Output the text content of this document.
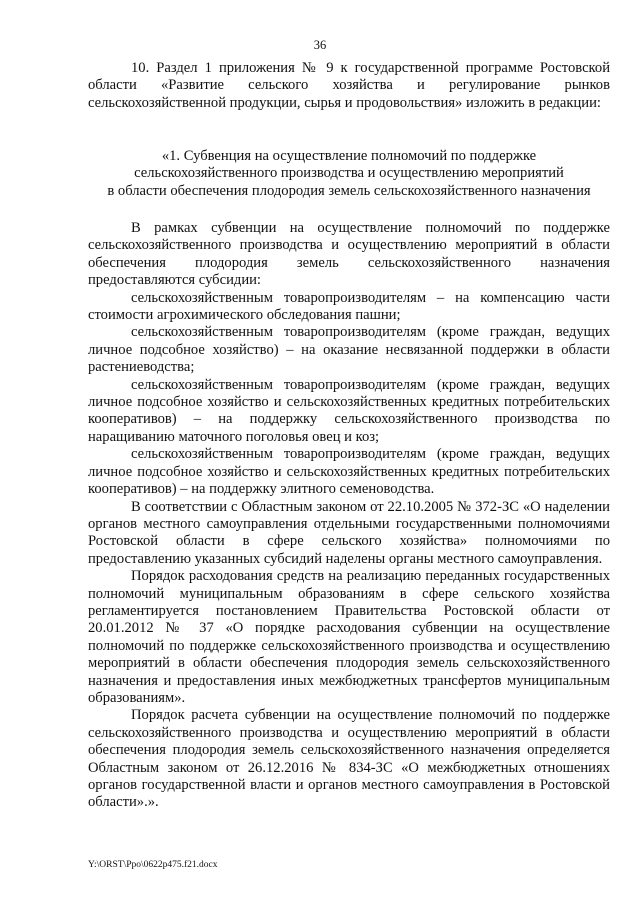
36

10. Раздел 1 приложения № 9 к государственной программе Ростовской области «Развитие сельского хозяйства и регулирование рынков сельскохозяйственной продукции, сырья и продовольствия» изложить в редакции:

«1. Субвенция на осуществление полномочий по поддержке

сельскохозяйственного производства и осуществлению мероприятий

в области обеспечения плодородия земель сельскохозяйственного назначения

В рамках субвенции на осуществление полномочий по поддержке сельскохозяйственного производства и осуществлению мероприятий в области обеспечения плодородия земель сельскохозяйственного назначения предоставляются субсидии:

сельскохозяйственным товаропроизводителям – на компенсацию части стоимости агрохимического обследования пашни;

сельскохозяйственным товаропроизводителям (кроме граждан, ведущих личное подсобное хозяйство) – на оказание несвязанной поддержки в области растениеводства;

сельскохозяйственным товаропроизводителям (кроме граждан, ведущих личное подсобное хозяйство и сельскохозяйственных кредитных потребительских кооперативов) – на поддержку сельскохозяйственного производства по наращиванию маточного поголовья овец и коз;

сельскохозяйственным товаропроизводителям (кроме граждан, ведущих личное подсобное хозяйство и сельскохозяйственных кредитных потребительских кооперативов) – на поддержку элитного семеноводства.

В соответствии с Областным законом от 22.10.2005 № 372-ЗС «О наделении органов местного самоуправления отдельными государственными полномочиями Ростовской области в сфере сельского хозяйства» полномочиями по предоставлению указанных субсидий наделены органы местного самоуправления.

Порядок расходования средств на реализацию переданных государственных полномочий муниципальным образованиям в сфере сельского хозяйства регламентируется постановлением Правительства Ростовской области от 20.01.2012 № 37 «О порядке расходования субвенции на осуществление полномочий по поддержке сельскохозяйственного производства и осуществлению мероприятий в области обеспечения плодородия земель сельскохозяйственного назначения и предоставления иных межбюджетных трансфертов муниципальным образованиям».

Порядок расчета субвенции на осуществление полномочий по поддержке сельскохозяйственного производства и осуществлению мероприятий в области обеспечения плодородия земель сельскохозяйственного назначения определяется Областным законом от 26.12.2016 № 834-ЗС «О межбюджетных отношениях органов государственной власти и органов местного самоуправления в Ростовской области».».

Y:\ORST\Ppo\0622p475.f21.docx
